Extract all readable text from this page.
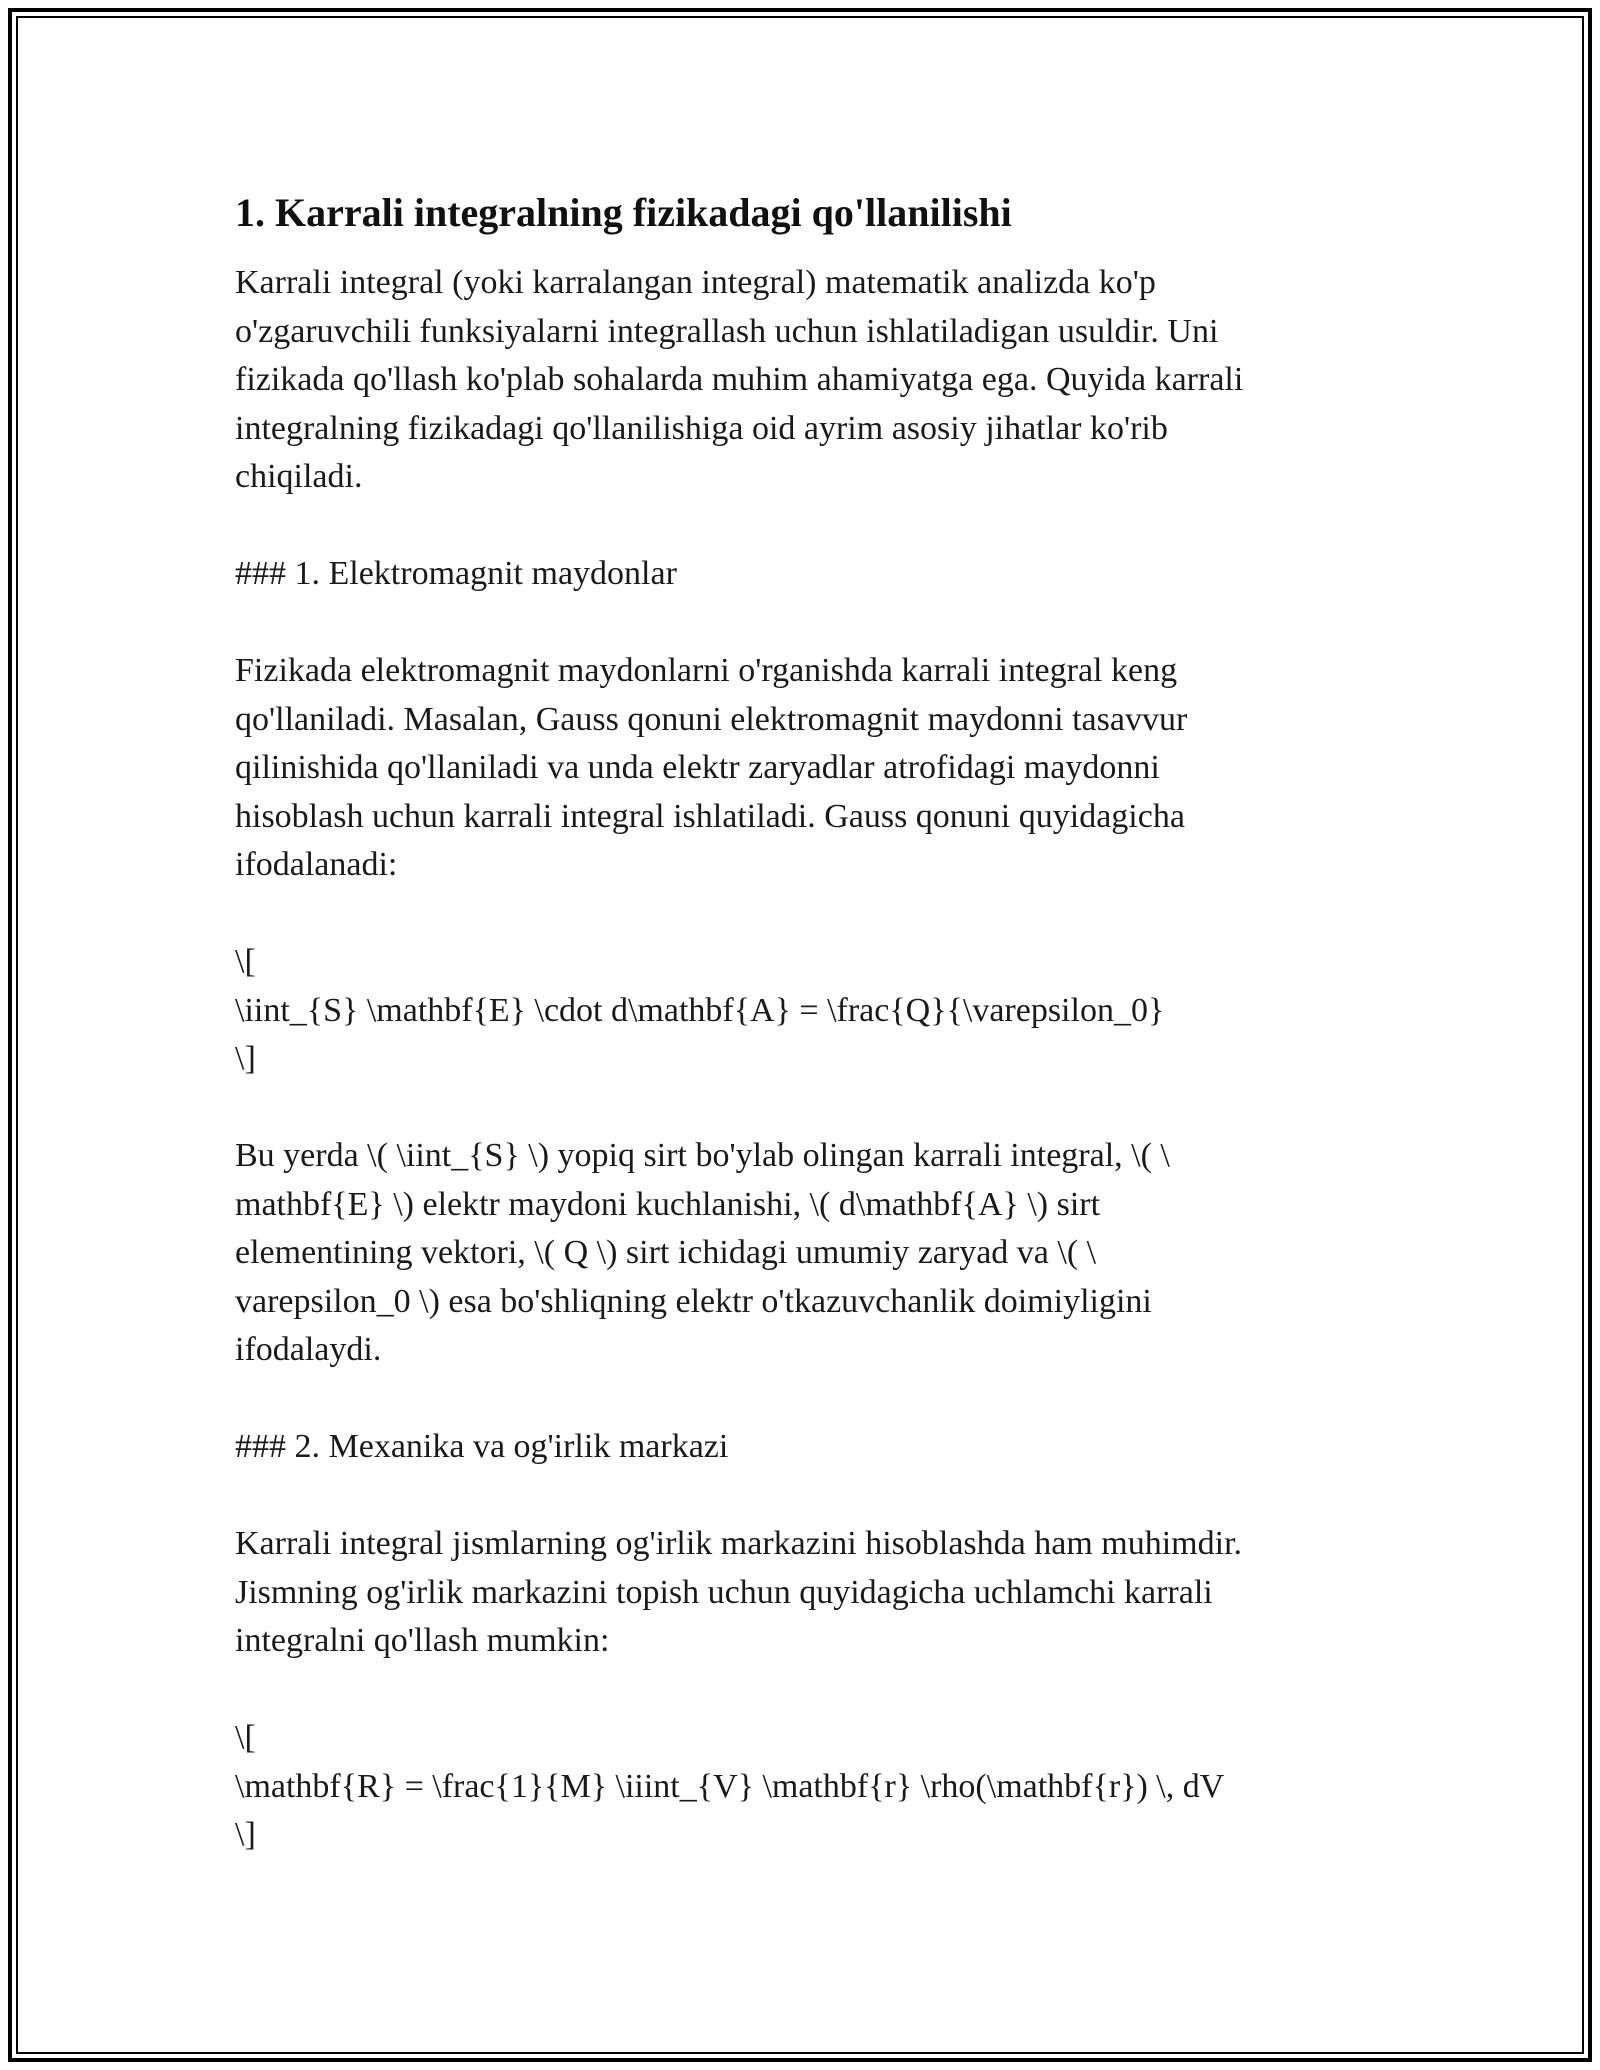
1. Karrali integralning fizikadagi qo'llanilishi

Karrali integral (yoki karralangan integral) matematik analizda ko'p

o'zgaruvchili funksiyalarni integrallash uchun ishlatiladigan usuldir. Uni

fizikada qo'llash ko'plab sohalarda muhim ahamiyatga ega. Quyida karrali

integralning fizikadagi qo'llanilishiga oid ayrim asosiy jihatlar ko'rib

chiqiladi.

### 1. Elektromagnit maydonlar

Fizikada elektromagnit maydonlarni o'rganishda karrali integral keng

qo'llaniladi. Masalan, Gauss qonuni elektromagnit maydonni tasavvur

qilinishida qo'llaniladi va unda elektr zaryadlar atrofidagi maydonni

hisoblash uchun karrali integral ishlatiladi. Gauss qonuni quyidagicha

ifodalanadi:

\[

\iint_{S} \mathbf{E} \cdot d\mathbf{A} = \frac{Q}{\varepsilon_0}

\]

Bu yerda \( \iint_{S} \) yopiq sirt bo'ylab olingan karrali integral, \( \

mathbf{E} \) elektr maydoni kuchlanishi, \( d\mathbf{A} \) sirt

elementining vektori, \( Q \) sirt ichidagi umumiy zaryad va \( \

varepsilon_0 \) esa bo'shliqning elektr o'tkazuvchanlik doimiyligini

ifodalaydi.

### 2. Mexanika va og'irlik markazi

Karrali integral jismlarning og'irlik markazini hisoblashda ham muhimdir.

Jismning og'irlik markazini topish uchun quyidagicha uchlamchi karrali

integralni qo'llash mumkin:

\[

\mathbf{R} = \frac{1}{M} \iiint_{V} \mathbf{r} \rho(\mathbf{r}) \, dV

\]
